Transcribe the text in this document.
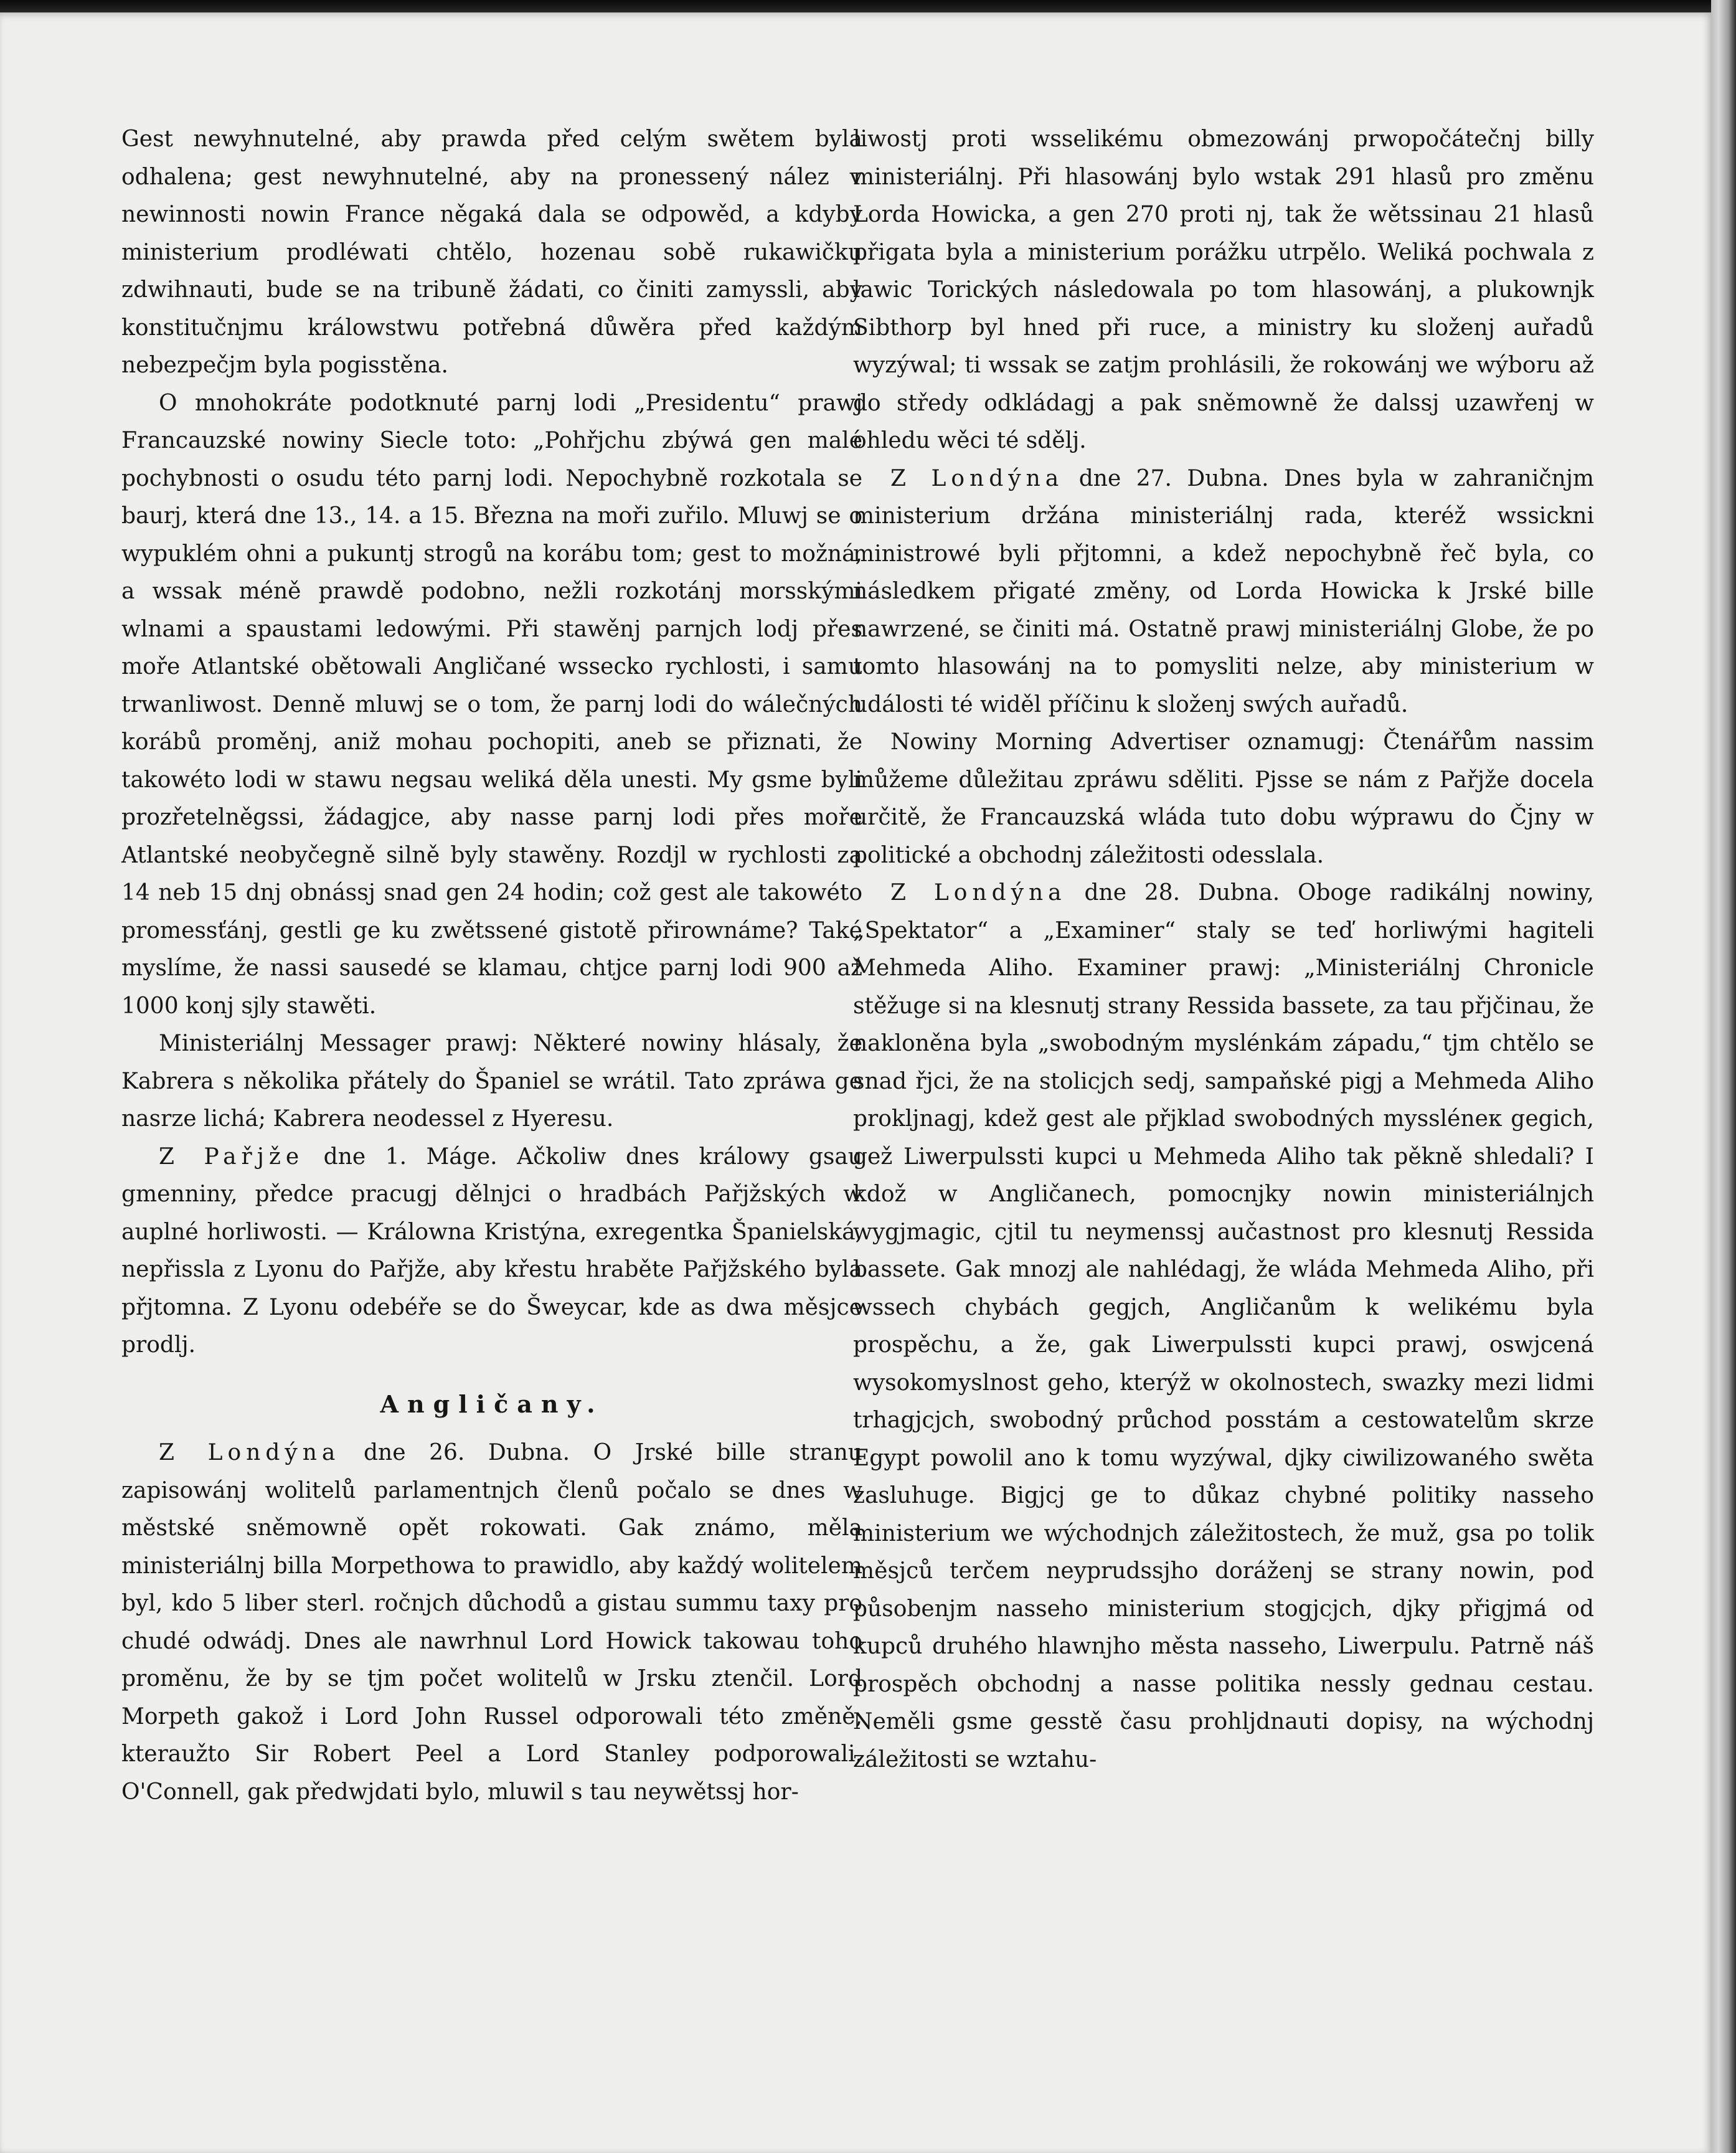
Gest newyhnutelné, aby prawda před celým swětem byla odhalena; gest newyhnutelné, aby na pronessený nález v newinnosti nowin France něgaká dala se odpowěd, a kdyby ministerium prodléwati chtělo, hozenau sobě rukawičku zdwihnauti, bude se na tribuně žádati, co činiti zamyssli, aby konstitučnjmu králowstwu potřebná důwěra před každým nebezpečjm byla pogisstěna.

O mnohokráte podotknuté parnj lodi „Presidentu“ prawj Francauzské nowiny Siecle toto: „Pohřjchu zbýwá gen malé pochybnosti o osudu této parnj lodi. Nepochybně rozkotala se baurj, která dne 13., 14. a 15. Března na moři zuřilo. Mluwj se o wypuklém ohni a pukuntj strogů na korábu tom; gest to možná, a wssak méně prawdě podobno, nežli rozkotánj morsskými wlnami a spaustami ledowými. Při stawěnj parnjch lodj přes moře Atlantské obětowali Angličané wssecko rychlosti, i samu trwanliwost. Denně mluwj se o tom, že parnj lodi do wálečných korábů proměnj, aniž mohau pochopiti, aneb se přiznati, že takowéto lodi w stawu negsau weliká děla unesti. My gsme byli prozřetelněgssi, žádagjce, aby nasse parnj lodi přes moře Atlantské neobyčegně silně byly stawěny. Rozdjl w rychlosti za 14 neb 15 dnj obnássj snad gen 24 hodin; což gest ale takowéto promessťánj, gestli ge ku zwětssené gistotě přirownáme? Také myslíme, že nassi sausedé se klamau, chtjce parnj lodi 900 až 1000 konj sjly stawěti.

Ministeriálnj Messager prawj: Některé nowiny hlásaly, že Kabrera s několika přátely do Španiel se wrátil. Tato zpráwa ge nasrze lichá; Kabrera neodessel z Hyeresu.

Z Pařjže dne 1. Máge. Ačkoliw dnes králowy gsau gmenniny, předce pracugj dělnjci o hradbách Pařjžských w auplné horliwosti. — Králowna Kristýna, exregentka Španielská, nepřissla z Lyonu do Pařjže, aby křestu hraběte Pařjžského byla přjtomna. Z Lyonu odebéře se do Šweycar, kde as dwa měsjce prodlj.

Angličany.

Z Londýna dne 26. Dubna. O Jrské bille stranu zapisowánj wolitelů parlamentnjch členů počalo se dnes w městské sněmowně opět rokowati. Gak známo, měla ministeriálnj billa Morpethowa to prawidlo, aby každý wolitelem byl, kdo 5 liber sterl. ročnjch důchodů a gistau summu taxy pro chudé odwádj. Dnes ale nawrhnul Lord Howick takowau toho proměnu, že by se tjm počet wolitelů w Jrsku ztenčil. Lord Morpeth gakož i Lord John Russel odporowali této změně, kteraužto Sir Robert Peel a Lord Stanley podporowali. O'Connell, gak předwjdati bylo, mluwil s tau neywětssj hor-

liwostj proti wsselikému obmezowánj prwopočátečnj billy ministeriálnj. Při hlasowánj bylo wstak 291 hlasů pro změnu Lorda Howicka, a gen 270 proti nj, tak že wětssinau 21 hlasů přigata byla a ministerium porážku utrpělo. Weliká pochwala z lawic Torických následowala po tom hlasowánj, a plukownjk Sibthorp byl hned při ruce, a ministry ku složenj auřadů wyzýwal; ti wssak se zatjm prohlásili, že rokowánj we wýboru až do středy odkládagj a pak sněmowně že dalssj uzawřenj w ohledu wěci té sdělj.

Z Londýna dne 27. Dubna. Dnes byla w zahraničnjm ministerium držána ministeriálnj rada, kteréž wssickni ministrowé byli přjtomni, a kdež nepochybně řeč byla, co následkem přigaté změny, od Lorda Howicka k Jrské bille nawrzené, se činiti má. Ostatně prawj ministeriálnj Globe, že po tomto hlasowánj na to pomysliti nelze, aby ministerium w události té widěl příčinu k složenj swých auřadů.

Nowiny Morning Advertiser oznamugj: Čtenářům nassim můžeme důležitau zpráwu sděliti. Pjsse se nám z Pařjže docela určitě, že Francauzská wláda tuto dobu wýprawu do Čjny w politické a obchodnj záležitosti odesslala.

Z Londýna dne 28. Dubna. Oboge radikálnj nowiny, „Spektator“ a „Examiner“ staly se teď horliwými hagiteli Mehmeda Aliho. Examiner prawj: „Ministeriálnj Chronicle stěžuge si na klesnutj strany Ressida bassete, za tau přjčinau, že nakloněna byla „swobodným myslénkám západu,“ tjm chtělo se snad řjci, že na stolicjch sedj, sampaňské pigj a Mehmeda Aliho proklјnagj, kdež gest ale přjklad swobodných myssléneк gegich, gež Liwerpulssti kupci u Mehmeda Aliho tak pěkně shledali? I kdož w Angličanech, pomocnjky nowin ministeriálnjch wygjmagic, cjtil tu neymenssj aučastnost pro klesnutj Ressida bassete. Gak mnozj ale nahlédagj, že wláda Mehmeda Aliho, při wssech chybách gegjch, Angličanům k welikému byla prospěchu, a že, gak Liwerpulssti kupci prawj, oswjcená wysokomyslnost geho, kterýž w okolnostech, swazky mezi lidmi trhagjcjch, swobodný průchod posstám a cestowatelům skrze Egypt powolil ano k tomu wyzýwal, djky ciwilizowaného swěta zasluhuge. Bigjcj ge to důkaz chybné politiky nasseho ministerium we wýchodnjch záležitostech, že muž, gsa po tolik měsjců terčem neyprudssjho dorážеnj se strany nowin, pod působenjm nasseho ministerium stogjcjch, djky přigjmá od kupců druhého hlawnjho města nasseho, Liwerpulu. Patrně náš prospěch obchodnj a nasse politika nessly gednau cestau. Neměli gsme gesstě času prohljdnauti dopisy, na wýchodnj záležitosti se wztahu-
